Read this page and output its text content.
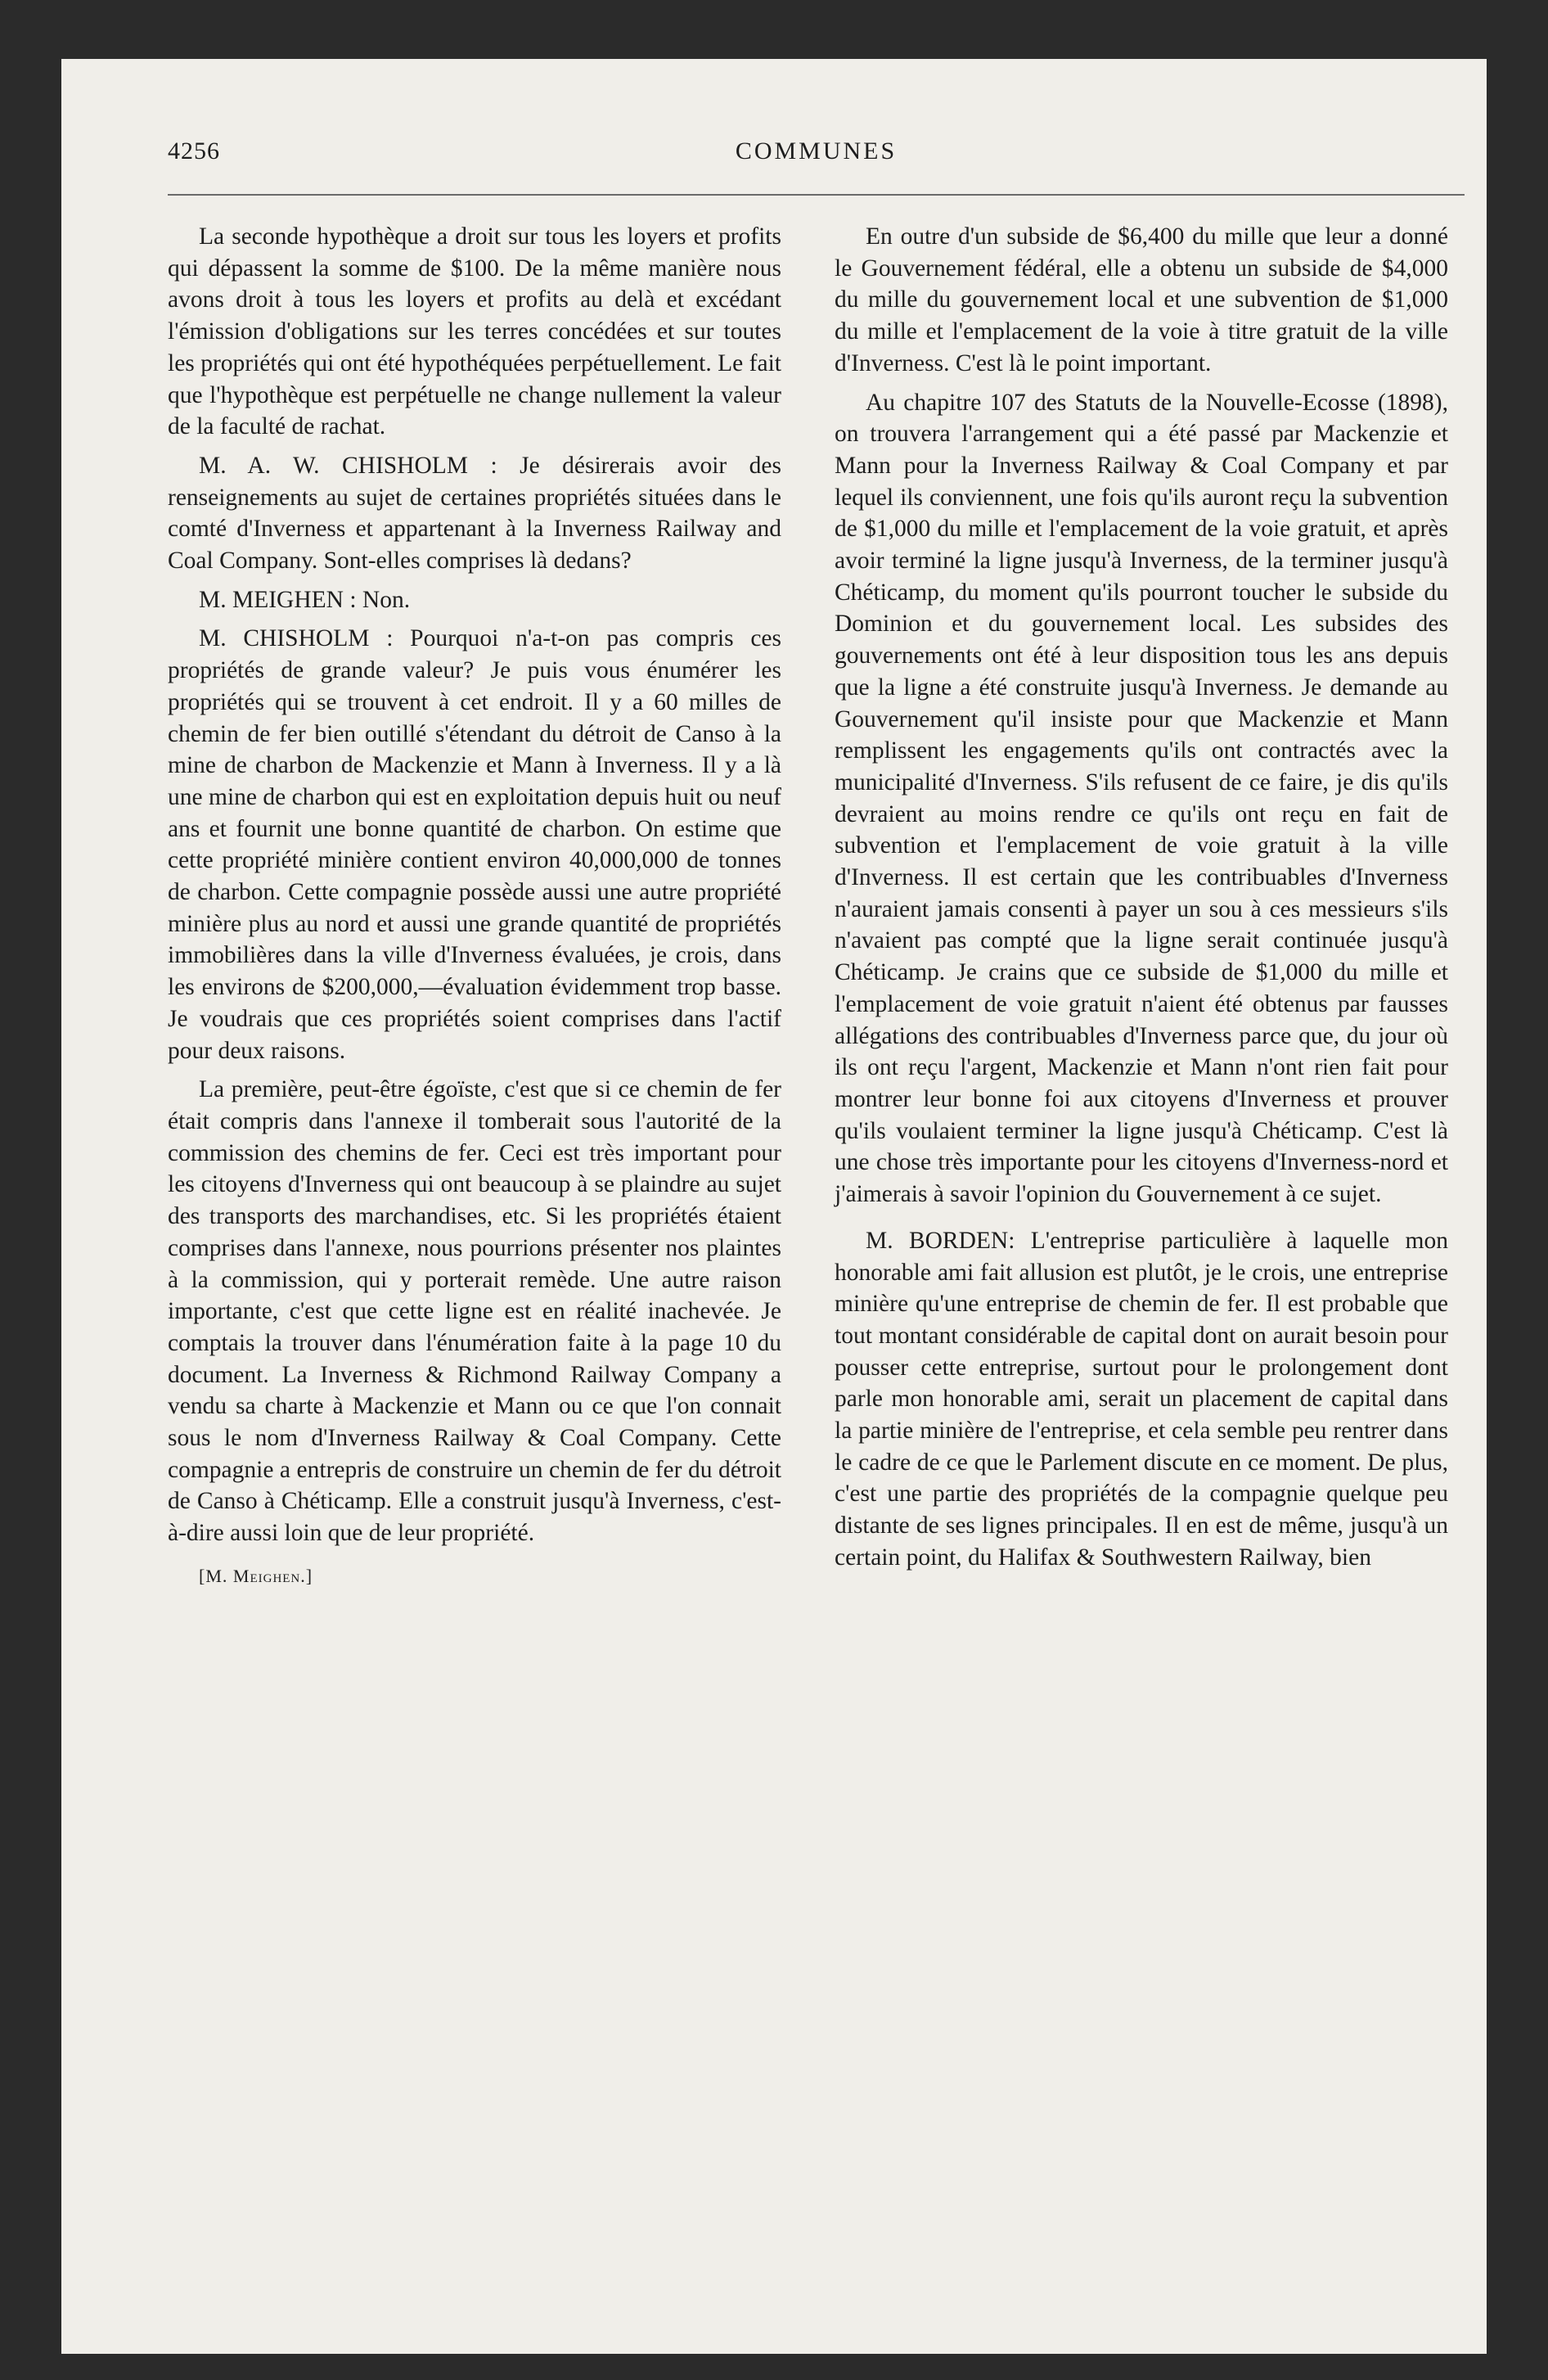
4256	COMMUNES

La seconde hypothèque a droit sur tous les loyers et profits qui dépassent la somme de $100. De la même manière nous avons droit à tous les loyers et profits au delà et excédant l'émission d'obligations sur les terres concédées et sur toutes les propriétés qui ont été hypothéquées perpétuellement. Le fait que l'hypothèque est perpétuelle ne change nullement la valeur de la faculté de rachat.

M. A. W. CHISHOLM : Je désirerais avoir des renseignements au sujet de certaines propriétés situées dans le comté d'Inverness et appartenant à la Inverness Railway and Coal Company. Sont-elles comprises là dedans?

M. MEIGHEN : Non.

M. CHISHOLM : Pourquoi n'a-t-on pas compris ces propriétés de grande valeur? Je puis vous énumérer les propriétés qui se trouvent à cet endroit. Il y a 60 milles de chemin de fer bien outillé s'étendant du détroit de Canso à la mine de charbon de Mackenzie et Mann à Inverness. Il y a là une mine de charbon qui est en exploitation depuis huit ou neuf ans et fournit une bonne quantité de charbon. On estime que cette propriété minière contient environ 40,000,000 de tonnes de charbon. Cette compagnie possède aussi une autre propriété minière plus au nord et aussi une grande quantité de propriétés immobilières dans la ville d'Inverness évaluées, je crois, dans les environs de $200,000,—évaluation évidemment trop basse. Je voudrais que ces propriétés soient comprises dans l'actif pour deux raisons.

La première, peut-être égoïste, c'est que si ce chemin de fer était compris dans l'annexe il tomberait sous l'autorité de la commission des chemins de fer. Ceci est très important pour les citoyens d'Inverness qui ont beaucoup à se plaindre au sujet des transports des marchandises, etc. Si les propriétés étaient comprises dans l'annexe, nous pourrions présenter nos plaintes à la commission, qui y porterait remède. Une autre raison importante, c'est que cette ligne est en réalité inachevée. Je comptais la trouver dans l'énumération faite à la page 10 du document. La Inverness & Richmond Railway Company a vendu sa charte à Mackenzie et Mann ou ce que l'on connait sous le nom d'Inverness Railway & Coal Company. Cette compagnie a entrepris de construire un chemin de fer du détroit de Canso à Chéticamp. Elle a construit jusqu'à Inverness, c'est-à-dire aussi loin que de leur propriété.

[M. Meighen.]

En outre d'un subside de $6,400 du mille que leur a donné le Gouvernement fédéral, elle a obtenu un subside de $4,000 du mille du gouvernement local et une subvention de $1,000 du mille et l'emplacement de la voie à titre gratuit de la ville d'Inverness. C'est là le point important.

Au chapitre 107 des Statuts de la Nouvelle-Ecosse (1898), on trouvera l'arrangement qui a été passé par Mackenzie et Mann pour la Inverness Railway & Coal Company et par lequel ils conviennent, une fois qu'ils auront reçu la subvention de $1,000 du mille et l'emplacement de la voie gratuit, et après avoir terminé la ligne jusqu'à Inverness, de la terminer jusqu'à Chéticamp, du moment qu'ils pourront toucher le subside du Dominion et du gouvernement local. Les subsides des gouvernements ont été à leur disposition tous les ans depuis que la ligne a été construite jusqu'à Inverness. Je demande au Gouvernement qu'il insiste pour que Mackenzie et Mann remplissent les engagements qu'ils ont contractés avec la municipalité d'Inverness. S'ils refusent de ce faire, je dis qu'ils devraient au moins rendre ce qu'ils ont reçu en fait de subvention et l'emplacement de voie gratuit à la ville d'Inverness. Il est certain que les contribuables d'Inverness n'auraient jamais consenti à payer un sou à ces messieurs s'ils n'avaient pas compté que la ligne serait continuée jusqu'à Chéticamp. Je crains que ce subside de $1,000 du mille et l'emplacement de voie gratuit n'aient été obtenus par fausses allégations des contribuables d'Inverness parce que, du jour où ils ont reçu l'argent, Mackenzie et Mann n'ont rien fait pour montrer leur bonne foi aux citoyens d'Inverness et prouver qu'ils voulaient terminer la ligne jusqu'à Chéticamp. C'est là une chose très importante pour les citoyens d'Inverness-nord et j'aimerais à savoir l'opinion du Gouvernement à ce sujet.

M. BORDEN: L'entreprise particulière à laquelle mon honorable ami fait allusion est plutôt, je le crois, une entreprise minière qu'une entreprise de chemin de fer. Il est probable que tout montant considérable de capital dont on aurait besoin pour pousser cette entreprise, surtout pour le prolongement dont parle mon honorable ami, serait un placement de capital dans la partie minière de l'entreprise, et cela semble peu rentrer dans le cadre de ce que le Parlement discute en ce moment. De plus, c'est une partie des propriétés de la compagnie quelque peu distante de ses lignes principales. Il en est de même, jusqu'à un certain point, du Halifax & Southwestern Railway, bien
